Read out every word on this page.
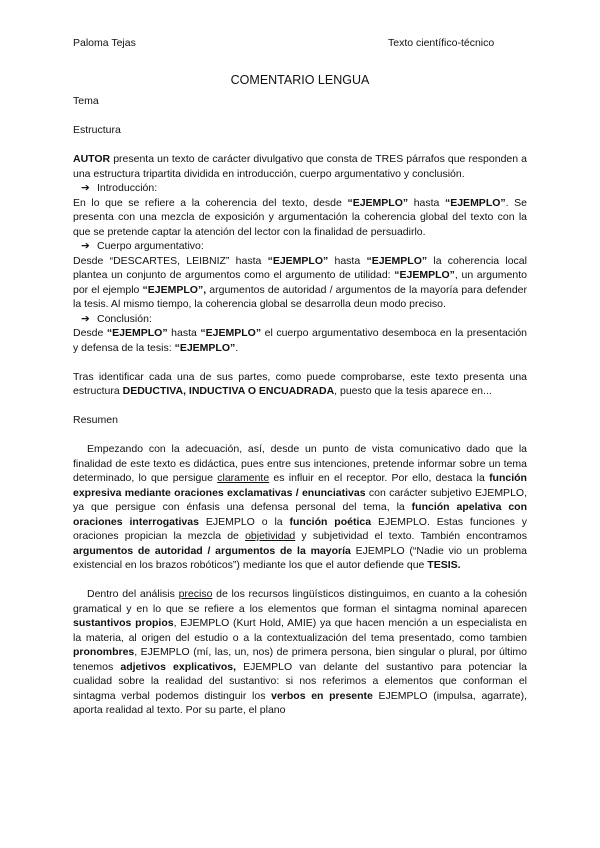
Paloma Tejas	Texto científico-técnico
COMENTARIO LENGUA

Tema

Estructura

AUTOR presenta un texto de carácter divulgativo que consta de TRES párrafos que responden a una estructura tripartita dividida en introducción, cuerpo argumentativo y conclusión.

➔ Introducción:

En lo que se refiere a la coherencia del texto, desde “EJEMPLO” hasta “EJEMPLO”. Se presenta con una mezcla de exposición y argumentación la coherencia global del texto con la que se pretende captar la atención del lector con la finalidad de persuadirlo.

➔ Cuerpo argumentativo:

Desde “DESCARTES, LEIBNIZ” hasta “EJEMPLO” hasta “EJEMPLO” la coherencia local plantea un conjunto de argumentos como el argumento de utilidad: “EJEMPLO”, un argumento por el ejemplo “EJEMPLO”, argumentos de autoridad / argumentos de la mayoría para defender la tesis. Al mismo tiempo, la coherencia global se desarrolla deun modo preciso.

➔ Conclusión:

Desde “EJEMPLO” hasta “EJEMPLO” el cuerpo argumentativo desemboca en la presentación y defensa de la tesis: “EJEMPLO”.

Tras identificar cada una de sus partes, como puede comprobarse, este texto presenta una estructura DEDUCTIVA, INDUCTIVA O ENCUADRADA, puesto que la tesis aparece en...

Resumen

Empezando con la adecuación, así, desde un punto de vista comunicativo dado que la finalidad de este texto es didáctica, pues entre sus intenciones, pretende informar sobre un tema determinado, lo que persigue claramente es influir en el receptor. Por ello, destaca la función expresiva mediante oraciones exclamativas / enunciativas con carácter subjetivo EJEMPLO, ya que persigue con énfasis una defensa personal del tema, la función apelativa con oraciones interrogativas EJEMPLO o la función poética EJEMPLO. Estas funciones y oraciones propician la mezcla de objetividad y subjetividad el texto. También encontramos argumentos de autoridad / argumentos de la mayoría EJEMPLO (“Nadie vio un problema existencial en los brazos robóticos”) mediante los que el autor defiende que TESIS.

Dentro del análisis preciso de los recursos lingüísticos distinguimos, en cuanto a la cohesión gramatical y en lo que se refiere a los elementos que forman el sintagma nominal aparecen sustantivos propios, EJEMPLO (Kurt Hold, AMIE) ya que hacen mención a un especialista en la materia, al origen del estudio o a la contextualización del tema presentado, como tambien pronombres, EJEMPLO (mí, las, un, nos) de primera persona, bien singular o plural, por último tenemos adjetivos explicativos, EJEMPLO van delante del sustantivo para potenciar la cualidad sobre la realidad del sustantivo: si nos referimos a elementos que conforman el sintagma verbal podemos distinguir los verbos en presente EJEMPLO (impulsa, agarrate), aporta realidad al texto. Por su parte, el plano
